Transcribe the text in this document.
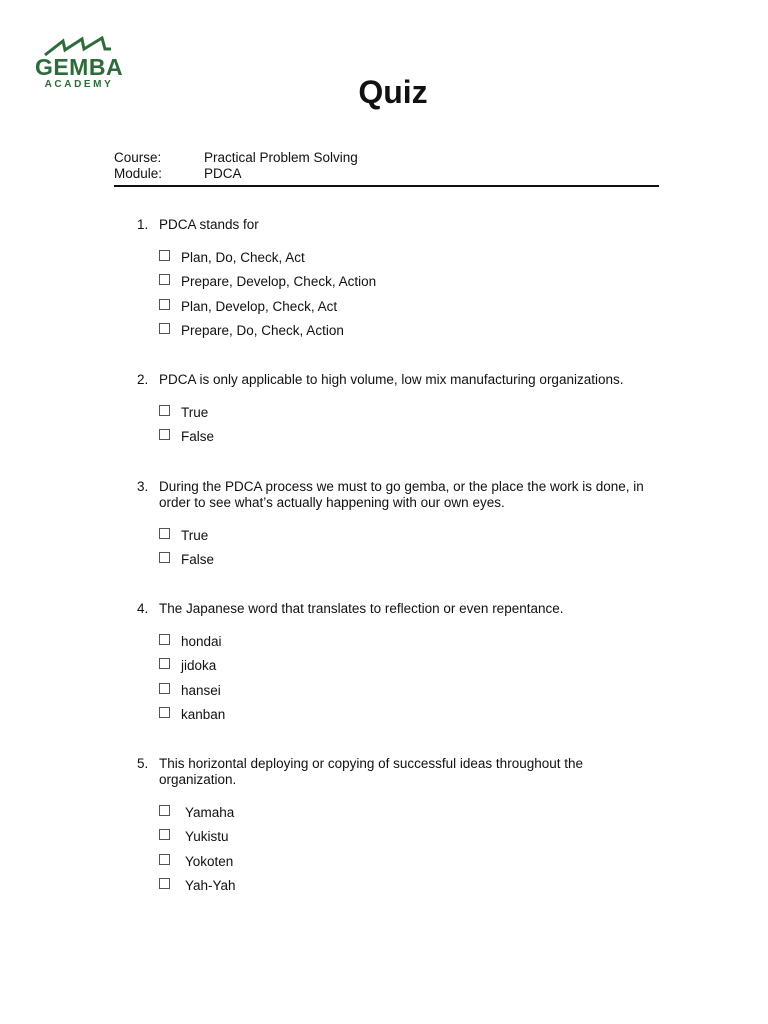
GEMBA
ACADEMY	Quiz
Course:	Practical Problem Solving
Module:	PDCA
1. PDCA stands for
Plan, Do, Check, Act
Prepare, Develop, Check, Action
Plan, Develop, Check, Act
Prepare, Do, Check, Action
2. PDCA is only applicable to high volume, low mix manufacturing organizations.
True
False
3. During the PDCA process we must to go gemba, or the place the work is done, in order to see what’s actually happening with our own eyes.
True
False
4. The Japanese word that translates to reflection or even repentance.
hondai
jidoka
hansei
kanban
5. This horizontal deploying or copying of successful ideas throughout the organization.
Yamaha
Yukistu
Yokoten
Yah-Yah
